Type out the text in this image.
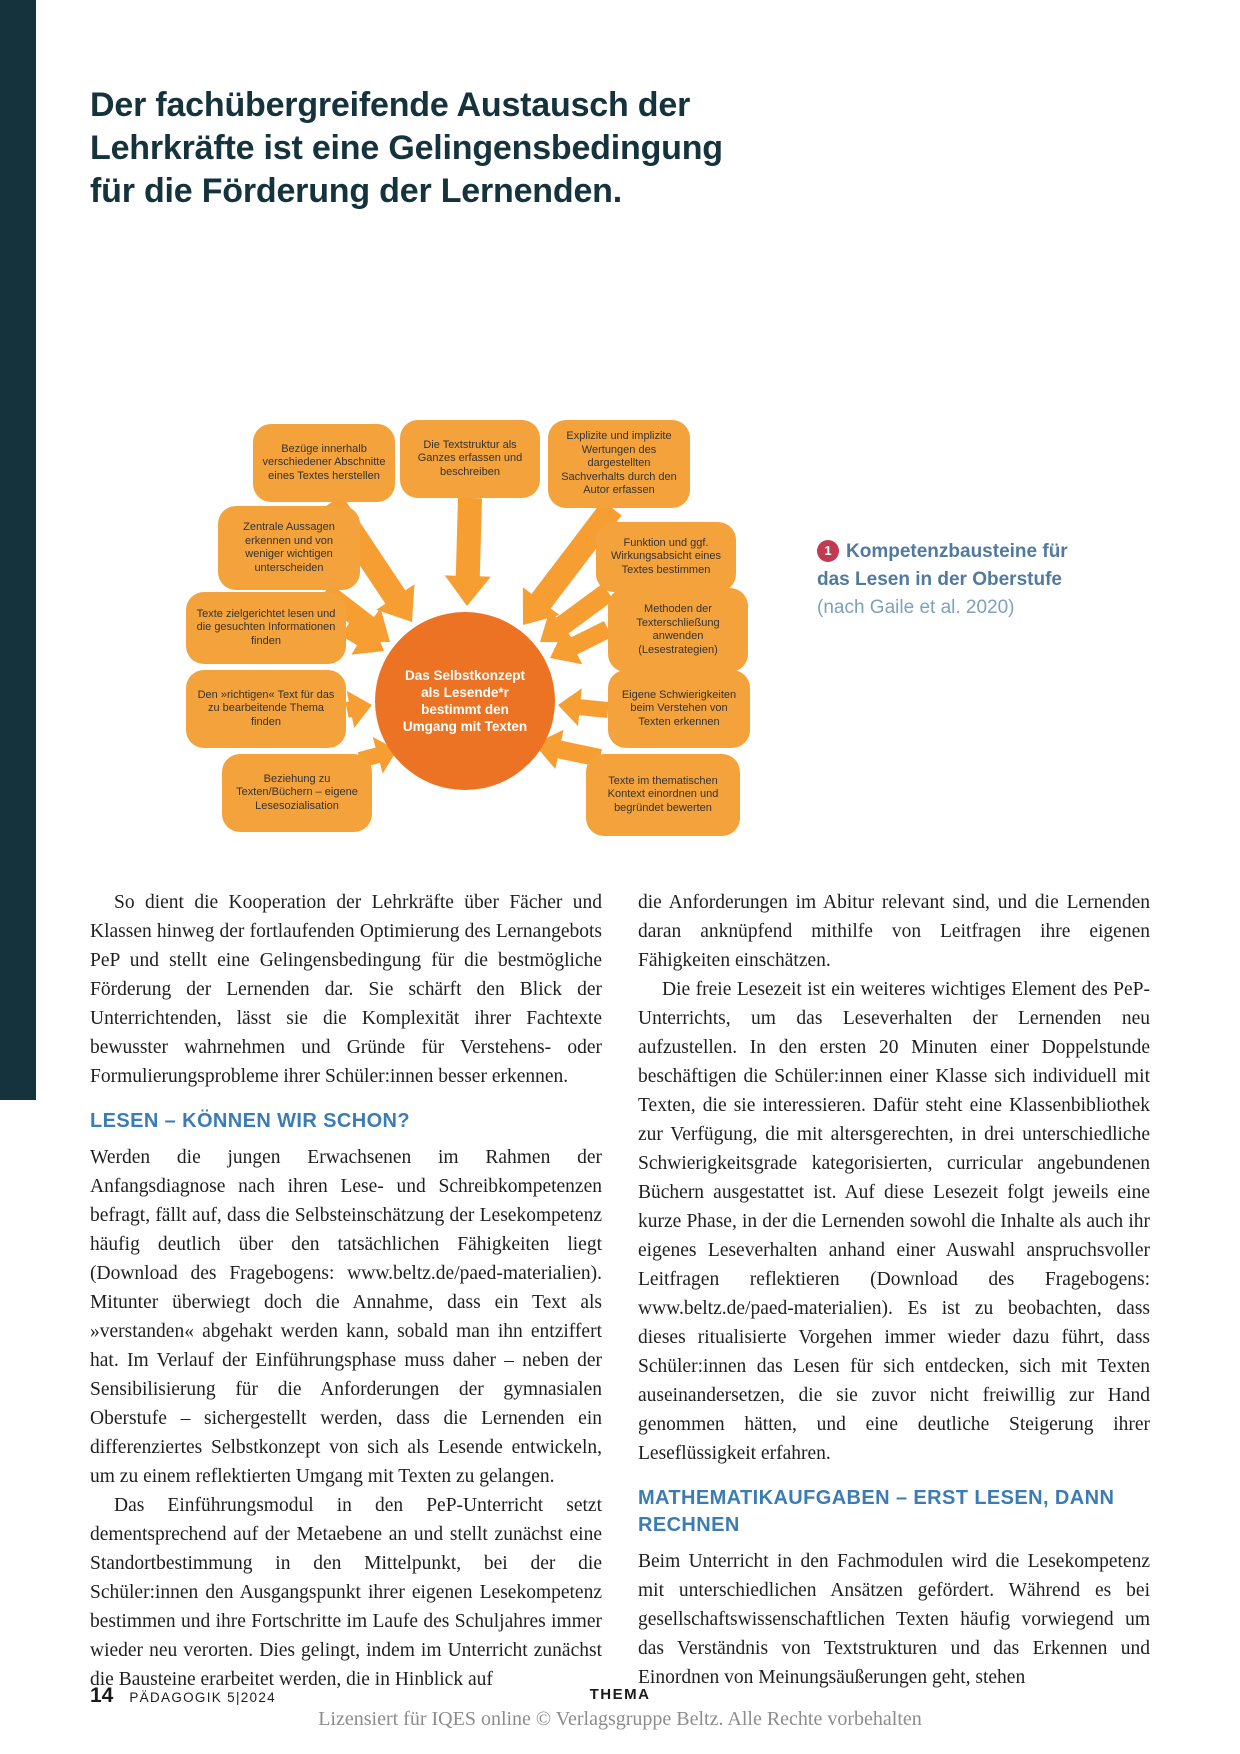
Der fachübergreifende Austausch der
Lehrkräfte ist eine Gelingensbedingung
für die Förderung der Lernenden.
Bezüge innerhalb verschiedener Abschnitte eines Textes herstellen
Die Textstruktur als Ganzes erfassen und beschreiben
Explizite und implizite Wertungen des dargestellten Sachverhalts durch den Autor erfassen
Zentrale Aussagen erkennen und von weniger wichtigen unterscheiden
Funktion und ggf. Wirkungsabsicht eines Textes bestimmen
Texte zielgerichtet lesen und die gesuchten Informationen finden
Methoden der Texterschließung anwenden (Lesestrategien)
Den »richtigen« Text für das zu bearbeitende Thema finden
Eigene Schwierigkeiten beim Verstehen von Texten erkennen
Beziehung zu Texten/Büchern – eigene Lesesozialisation
Texte im thematischen Kontext einordnen und begründet bewerten
Das Selbstkonzept als Lesende*r bestimmt den Umgang mit Texten
1 Kompetenzbausteine für das Lesen in der Oberstufe
(nach Gaile et al. 2020)

So dient die Kooperation der Lehrkräfte über Fächer und Klassen hinweg der fortlaufenden Optimierung des Lernangebots PeP und stellt eine Gelingensbedingung für die bestmögliche Förderung der Lernenden dar. Sie schärft den Blick der Unterrichtenden, lässt sie die Komplexität ihrer Fachtexte bewusster wahrnehmen und Gründe für Verstehens- oder Formulierungsprobleme ihrer Schüler:innen besser erkennen.

LESEN – KÖNNEN WIR SCHON?

Werden die jungen Erwachsenen im Rahmen der Anfangsdiagnose nach ihren Lese- und Schreibkompetenzen befragt, fällt auf, dass die Selbsteinschätzung der Lesekompetenz häufig deutlich über den tatsächlichen Fähigkeiten liegt (Download des Fragebogens: www.beltz.de/paed-materialien). Mitunter überwiegt doch die Annahme, dass ein Text als »verstanden« abgehakt werden kann, sobald man ihn entziffert hat. Im Verlauf der Einführungsphase muss daher – neben der Sensibilisierung für die Anforderungen der gymnasialen Oberstufe – sichergestellt werden, dass die Lernenden ein differenziertes Selbstkonzept von sich als Lesende entwickeln, um zu einem reflektierten Umgang mit Texten zu gelangen.

Das Einführungsmodul in den PeP-Unterricht setzt dementsprechend auf der Metaebene an und stellt zunächst eine Standortbestimmung in den Mittelpunkt, bei der die Schüler:innen den Ausgangspunkt ihrer eigenen Lesekompetenz bestimmen und ihre Fortschritte im Laufe des Schuljahres immer wieder neu verorten. Dies gelingt, indem im Unterricht zunächst die Bausteine erarbeitet werden, die in Hinblick auf

die Anforderungen im Abitur relevant sind, und die Lernenden daran anknüpfend mithilfe von Leitfragen ihre eigenen Fähigkeiten einschätzen.

Die freie Lesezeit ist ein weiteres wichtiges Element des PeP-Unterrichts, um das Leseverhalten der Lernenden neu aufzustellen. In den ersten 20 Minuten einer Doppelstunde beschäftigen die Schüler:innen einer Klasse sich individuell mit Texten, die sie interessieren. Dafür steht eine Klassenbibliothek zur Verfügung, die mit altersgerechten, in drei unterschiedliche Schwierigkeitsgrade kategorisierten, curricular angebundenen Büchern ausgestattet ist. Auf diese Lesezeit folgt jeweils eine kurze Phase, in der die Lernenden sowohl die Inhalte als auch ihr eigenes Leseverhalten anhand einer Auswahl anspruchsvoller Leitfragen reflektieren (Download des Fragebogens: www.beltz.de/paed-materialien). Es ist zu beobachten, dass dieses ritualisierte Vorgehen immer wieder dazu führt, dass Schüler:innen das Lesen für sich entdecken, sich mit Texten auseinandersetzen, die sie zuvor nicht freiwillig zur Hand genommen hätten, und eine deutliche Steigerung ihrer Leseflüssigkeit erfahren.

MATHEMATIKAUFGABEN – ERST LESEN, DANN RECHNEN

Beim Unterricht in den Fachmodulen wird die Lesekompetenz mit unterschiedlichen Ansätzen gefördert. Während es bei gesellschaftswissenschaftlichen Texten häufig vorwiegend um das Verständnis von Textstrukturen und das Erkennen und Einordnen von Meinungsäußerungen geht, stehen

14 PÄDAGOGIK 5|2024	THEMA
Lizensiert für IQES online © Verlagsgruppe Beltz. Alle Rechte vorbehalten
